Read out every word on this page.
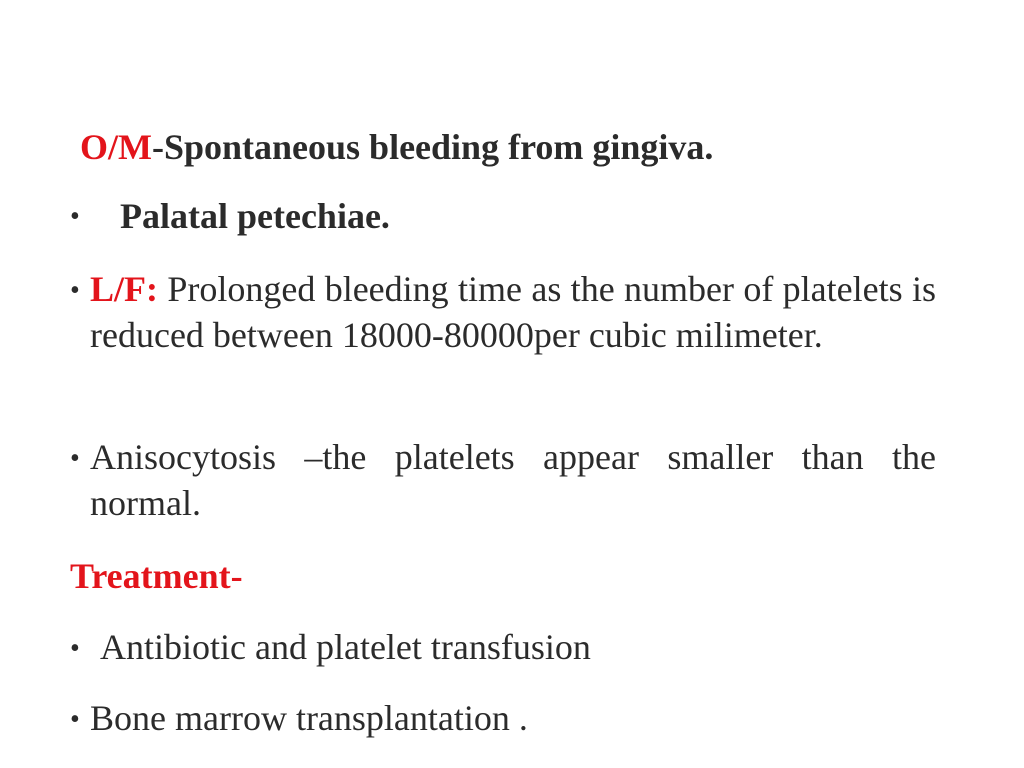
O/M-Spontaneous bleeding from gingiva.
• Palatal petechiae.
• L/F: Prolonged bleeding time as the number of platelets is reduced between 18000-80000per cubic milimeter.
• Anisocytosis –the platelets appear smaller than the normal.
Treatment-
• Antibiotic and platelet transfusion
• Bone marrow transplantation .
